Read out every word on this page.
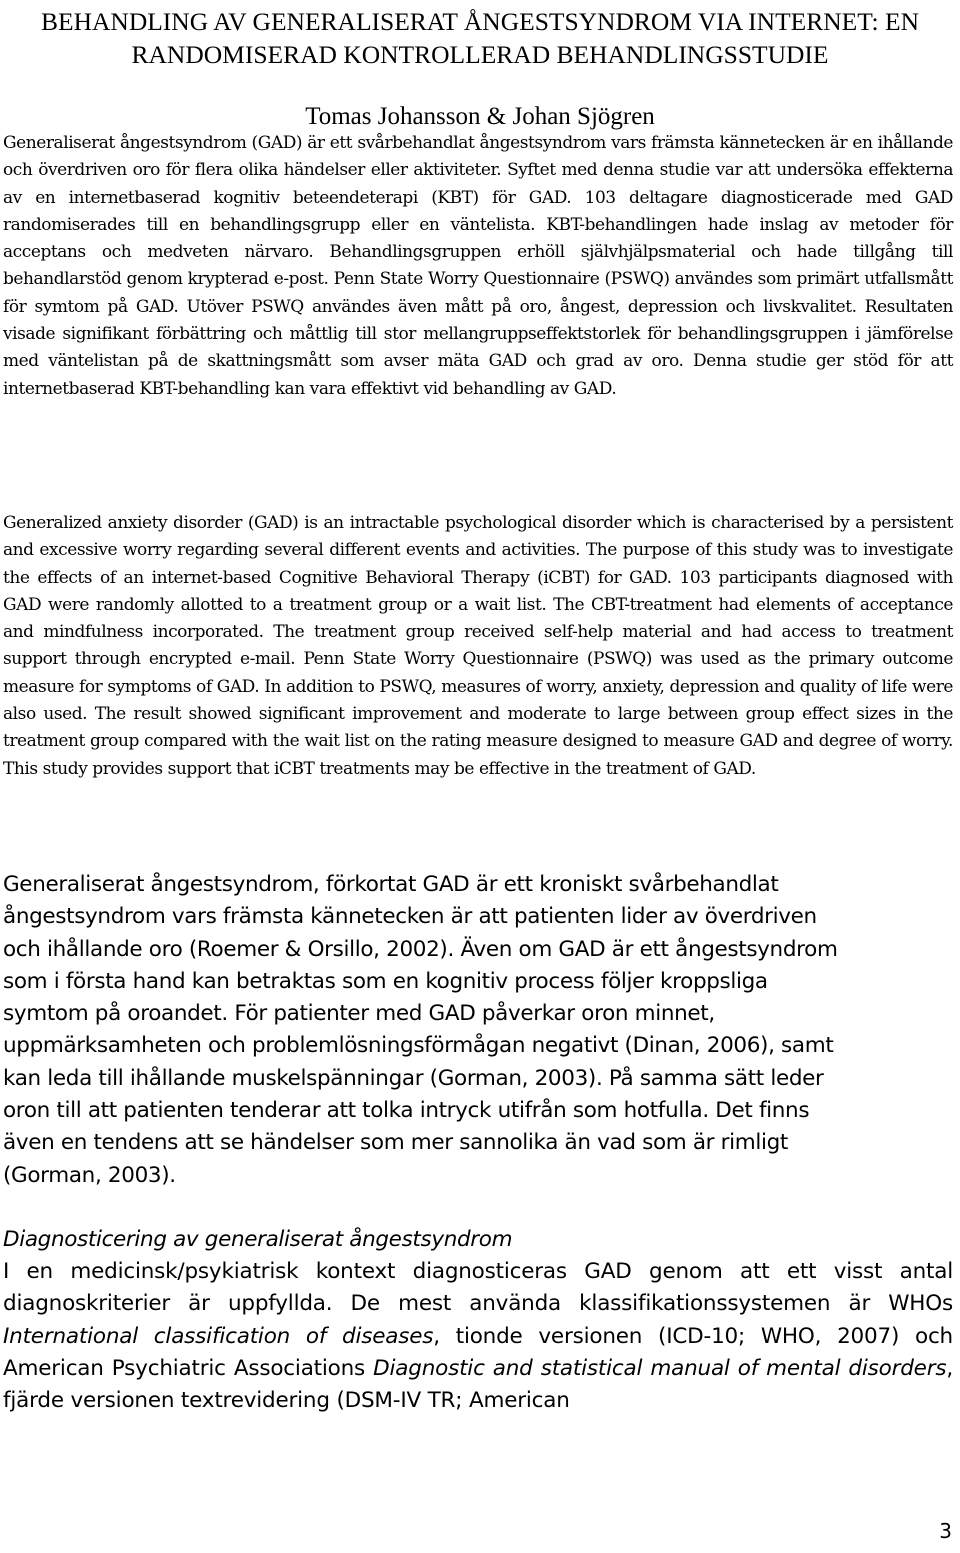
BEHANDLING AV GENERALISERAT ÅNGESTSYNDROM VIA INTERNET: EN
RANDOMISERAD KONTROLLERAD BEHANDLINGSSTUDIE
Tomas Johansson & Johan Sjögren

Generaliserat ångestsyndrom (GAD) är ett svårbehandlat ångestsyndrom vars främsta kännetecken är en ihållande och överdriven oro för flera olika händelser eller aktiviteter. Syftet med denna studie var att undersöka effekterna av en internetbaserad kognitiv beteendeterapi (KBT) för GAD. 103 deltagare diagnosticerade med GAD randomiserades till en behandlingsgrupp eller en väntelista. KBT-behandlingen hade inslag av metoder för acceptans och medveten närvaro. Behandlingsgruppen erhöll självhjälpsmaterial och hade tillgång till behandlarstöd genom krypterad e-post. Penn State Worry Questionnaire (PSWQ) användes som primärt utfallsmått för symtom på GAD. Utöver PSWQ användes även mått på oro, ångest, depression och livskvalitet. Resultaten visade signifikant förbättring och måttlig till stor mellangruppseffektstorlek för behandlingsgruppen i jämförelse med väntelistan på de skattningsmått som avser mäta GAD och grad av oro. Denna studie ger stöd för att internetbaserad KBT-behandling kan vara effektivt vid behandling av GAD.

Generalized anxiety disorder (GAD) is an intractable psychological disorder which is characterised by a persistent and excessive worry regarding several different events and activities. The purpose of this study was to investigate the effects of an internet-based Cognitive Behavioral Therapy (iCBT) for GAD. 103 participants diagnosed with GAD were randomly allotted to a treatment group or a wait list. The CBT-treatment had elements of acceptance and mindfulness incorporated. The treatment group received self-help material and had access to treatment support through encrypted e-mail. Penn State Worry Questionnaire (PSWQ) was used as the primary outcome measure for symptoms of GAD. In addition to PSWQ, measures of worry, anxiety, depression and quality of life were also used. The result showed significant improvement and moderate to large between group effect sizes in the treatment group compared with the wait list on the rating measure designed to measure GAD and degree of worry. This study provides support that iCBT treatments may be effective in the treatment of GAD.

Generaliserat ångestsyndrom, förkortat GAD är ett kroniskt svårbehandlat
ångestsyndrom vars främsta kännetecken är att patienten lider av överdriven
och ihållande oro (Roemer & Orsillo, 2002). Även om GAD är ett ångestsyndrom
som i första hand kan betraktas som en kognitiv process följer kroppsliga
symtom på oroandet. För patienter med GAD påverkar oron minnet,
uppmärksamheten och problemlösningsförmågan negativt (Dinan, 2006), samt
kan leda till ihållande muskelspänningar (Gorman, 2003). På samma sätt leder
oron till att patienten tenderar att tolka intryck utifrån som hotfulla. Det finns
även en tendens att se händelser som mer sannolika än vad som är rimligt
(Gorman, 2003).
Diagnosticering av generaliserat ångestsyndrom

I en medicinsk/psykiatrisk kontext diagnosticeras GAD genom att ett visst antal diagnoskriterier är uppfyllda. De mest använda klassifikationssystemen är WHOs International classification of diseases, tionde versionen (ICD-10; WHO, 2007) och American Psychiatric Associations Diagnostic and statistical manual of mental disorders, fjärde versionen textrevidering (DSM-IV TR; American

3
